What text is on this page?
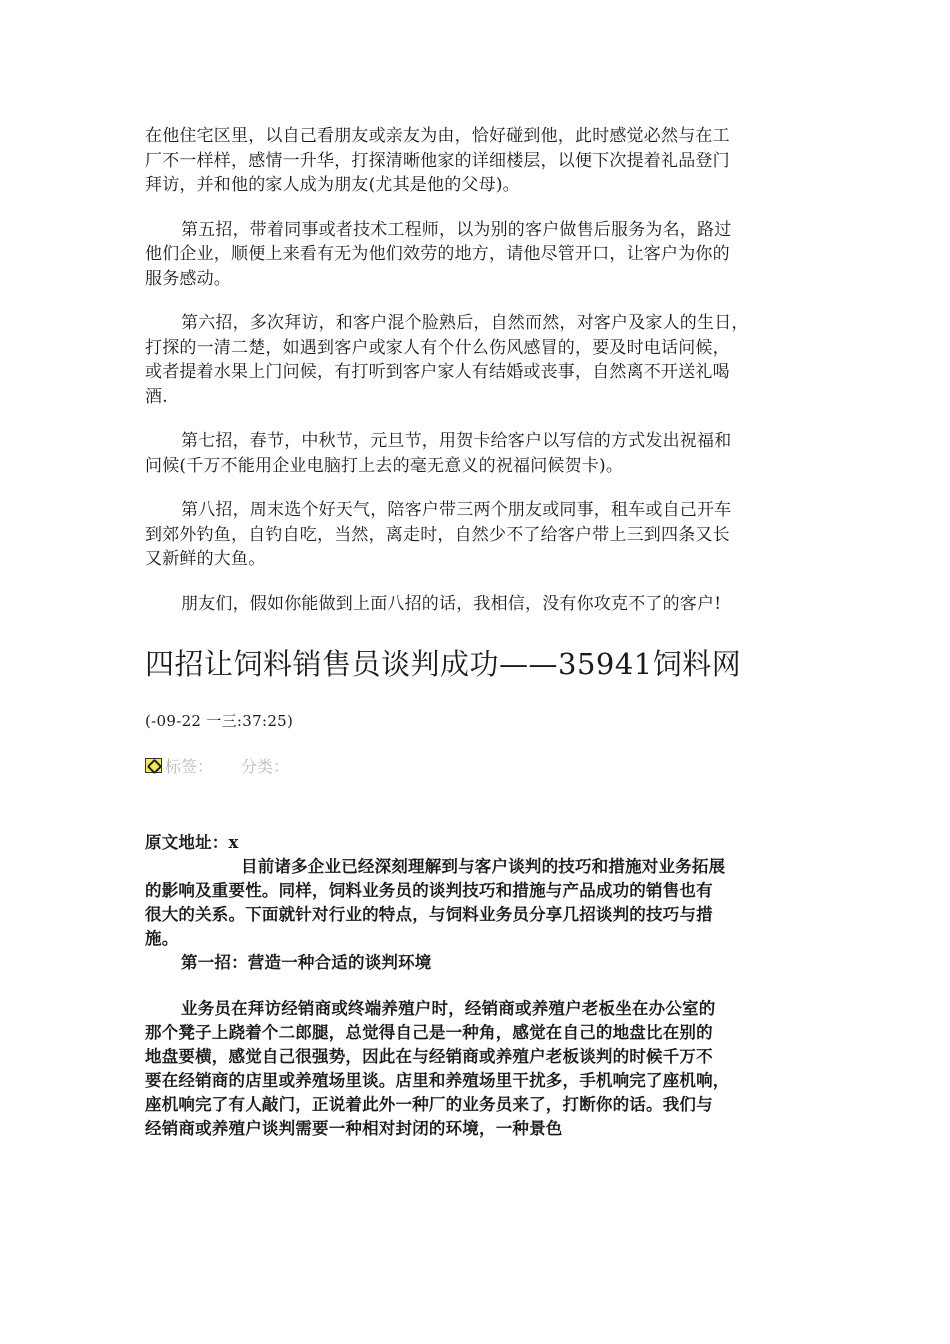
在他住宅区里，以自己看朋友或亲友为由，恰好碰到他，此时感觉必然与在工
厂不一样样，感情一升华，打探清晰他家的详细楼层，以便下次提着礼品登门
拜访，并和他的家人成为朋友(尤其是他的父母)。
第五招，带着同事或者技术工程师，以为别的客户做售后服务为名，路过
他们企业，顺便上来看有无为他们效劳的地方，请他尽管开口，让客户为你的
服务感动。
第六招，多次拜访，和客户混个脸熟后，自然而然，对客户及家人的生日，
打探的一清二楚，如遇到客户或家人有个什么伤风感冒的，要及时电话问候，
或者提着水果上门问候，有打听到客户家人有结婚或丧事，自然离不开送礼喝
酒.
第七招，春节，中秋节，元旦节，用贺卡给客户以写信的方式发出祝福和
问候(千万不能用企业电脑打上去的毫无意义的祝福问候贺卡)。
第八招，周末选个好天气，陪客户带三两个朋友或同事，租车或自己开车
到郊外钓鱼，自钓自吃，当然，离走时，自然少不了给客户带上三到四条又长
又新鲜的大鱼。
朋友们，假如你能做到上面八招的话，我相信，没有你攻克不了的客户!
四招让饲料销售员谈判成功——35941饲料网
(-09-22 一三:37:25)
标签： 分类：
原文地址：x
目前诸多企业已经深刻理解到与客户谈判的技巧和措施对业务拓展
的影响及重要性。同样，饲料业务员的谈判技巧和措施与产品成功的销售也有
很大的关系。下面就针对行业的特点，与饲料业务员分享几招谈判的技巧与措
施。
第一招：营造一种合适的谈判环境
业务员在拜访经销商或终端养殖户时，经销商或养殖户老板坐在办公室的
那个凳子上跷着个二郎腿，总觉得自己是一种角，感觉在自己的地盘比在别的
地盘要横，感觉自己很强势，因此在与经销商或养殖户老板谈判的时候千万不
要在经销商的店里或养殖场里谈。店里和养殖场里干扰多，手机响完了座机响，
座机响完了有人敲门，正说着此外一种厂的业务员来了，打断你的话。我们与
经销商或养殖户谈判需要一种相对封闭的环境，一种景色
